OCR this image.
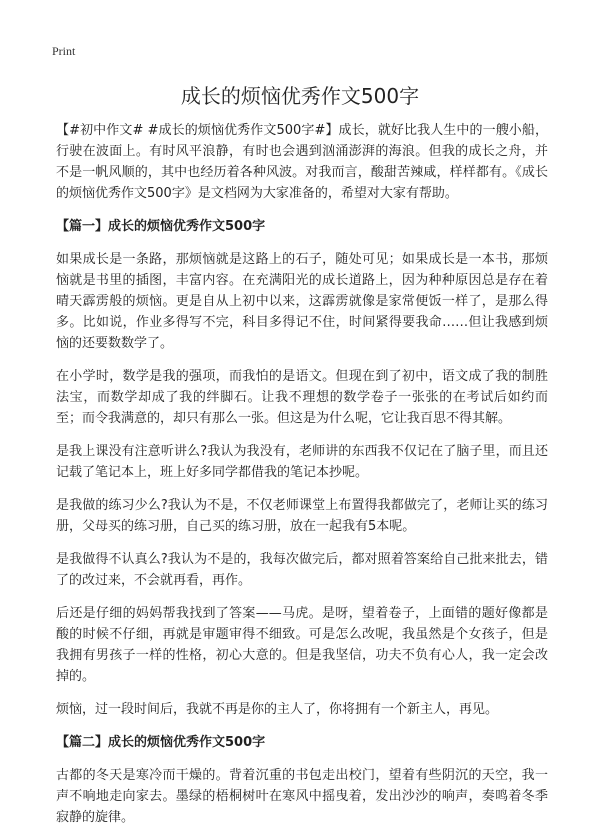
Print
成长的烦恼优秀作文500字

【#初中作文# #成长的烦恼优秀作文500字#】成长，就好比我人生中的一艘小船，行驶在波面上。有时风平浪静，有时也会遇到汹涌澎湃的海浪。但我的成长之舟，并不是一帆风顺的，其中也经历着各种风波。对我而言，酸甜苦辣咸，样样都有。《成长的烦恼优秀作文500字》是文档网为大家准备的，希望对大家有帮助。

【篇一】成长的烦恼优秀作文500字

如果成长是一条路，那烦恼就是这路上的石子，随处可见；如果成长是一本书，那烦恼就是书里的插图，丰富内容。在充满阳光的成长道路上，因为种种原因总是存在着晴天霹雳般的烦恼。更是自从上初中以来，这霹雳就像是家常便饭一样了，是那么得多。比如说，作业多得写不完，科目多得记不住，时间紧得要我命……但让我感到烦恼的还要数数学了。

在小学时，数学是我的强项，而我怕的是语文。但现在到了初中，语文成了我的制胜法宝，而数学却成了我的绊脚石。让我不理想的数学卷子一张张的在考试后如约而至；而令我满意的，却只有那么一张。但这是为什么呢，它让我百思不得其解。

是我上课没有注意听讲么?我认为我没有，老师讲的东西我不仅记在了脑子里，而且还记载了笔记本上，班上好多同学都借我的笔记本抄呢。

是我做的练习少么?我认为不是，不仅老师课堂上布置得我都做完了，老师让买的练习册，父母买的练习册，自己买的练习册，放在一起我有5本呢。

是我做得不认真么?我认为不是的，我每次做完后，都对照着答案给自己批来批去，错了的改过来，不会就再看，再作。

后还是仔细的妈妈帮我找到了答案——马虎。是呀，望着卷子，上面错的题好像都是酸的时候不仔细，再就是审题审得不细致。可是怎么改呢，我虽然是个女孩子，但是我拥有男孩子一样的性格，初心大意的。但是我坚信，功夫不负有心人，我一定会改掉的。

烦恼，过一段时间后，我就不再是你的主人了，你将拥有一个新主人，再见。

【篇二】成长的烦恼优秀作文500字

古都的冬天是寒冷而干燥的。背着沉重的书包走出校门，望着有些阴沉的天空，我一声不响地走向家去。墨绿的梧桐树叶在寒风中摇曳着，发出沙沙的响声，奏鸣着冬季寂静的旋律。
